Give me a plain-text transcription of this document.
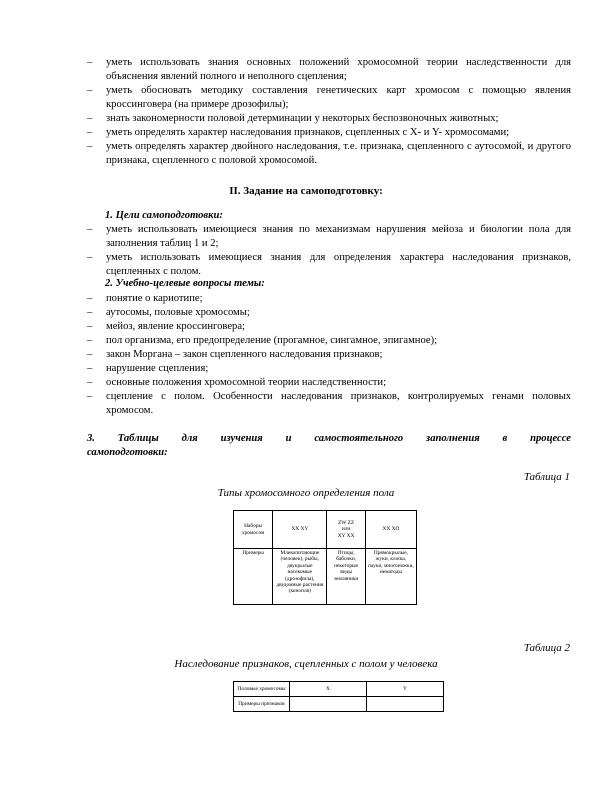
– уметь использовать знания основных положений хромосомной теории наследственности для объяснения явлений полного и неполного сцепления;
– уметь обосновать методику составления генетических карт хромосом с помощью явления кроссинговера (на примере дрозофилы);
– знать закономерности половой детерминации у некоторых беспозвоночных животных;
– уметь определять характер наследования признаков, сцепленных с X- и Y- хромосомами;
– уметь определять характер двойного наследования, т.е. признака, сцепленного с аутосомой, и другого признака, сцепленного с половой хромосомой.
II. Задание на самоподготовку:
1. Цели самоподготовки:
– уметь использовать имеющиеся знания по механизмам нарушения мейоза и биологии пола для заполнения таблиц 1 и 2;
– уметь использовать имеющиеся знания для определения характера наследования признаков, сцепленных с полом.
2. Учебно-целевые вопросы темы:
– понятие о кариотипе;
– аутосомы, половые хромосомы;
– мейоз, явление кроссинговера;
– пол организма, его предопределение (прогамное, сингамное, эпигамное);
– закон Моргана – закон сцепленного наследования признаков;
– нарушение сцепления;
– основные положения хромосомной теории наследственности;
– сцепление с полом. Особенности наследования признаков, контролируемых генами половых хромосом.
3. Таблицы для изучения и самостоятельного заполнения в процессе
самоподготовки:
Таблица 1
Типы хромосомного определения пола
Наборы хромосом	XX XY	ZW ZZ
или
XY XX	XX XO
Примеры	Млекопитающие (человек), рыбы, двукрылые насекомые (дрозофила), двудомные растения (конопля)	Птицы, бабочки, некоторые виды земляники	Прямокрылые, жуки, клопы, пауки, многоножки, нематоды
Таблица 2
Наследование признаков, сцепленных с полом у человека
Половые хромосомы	X	Y
Примеры признаков		
